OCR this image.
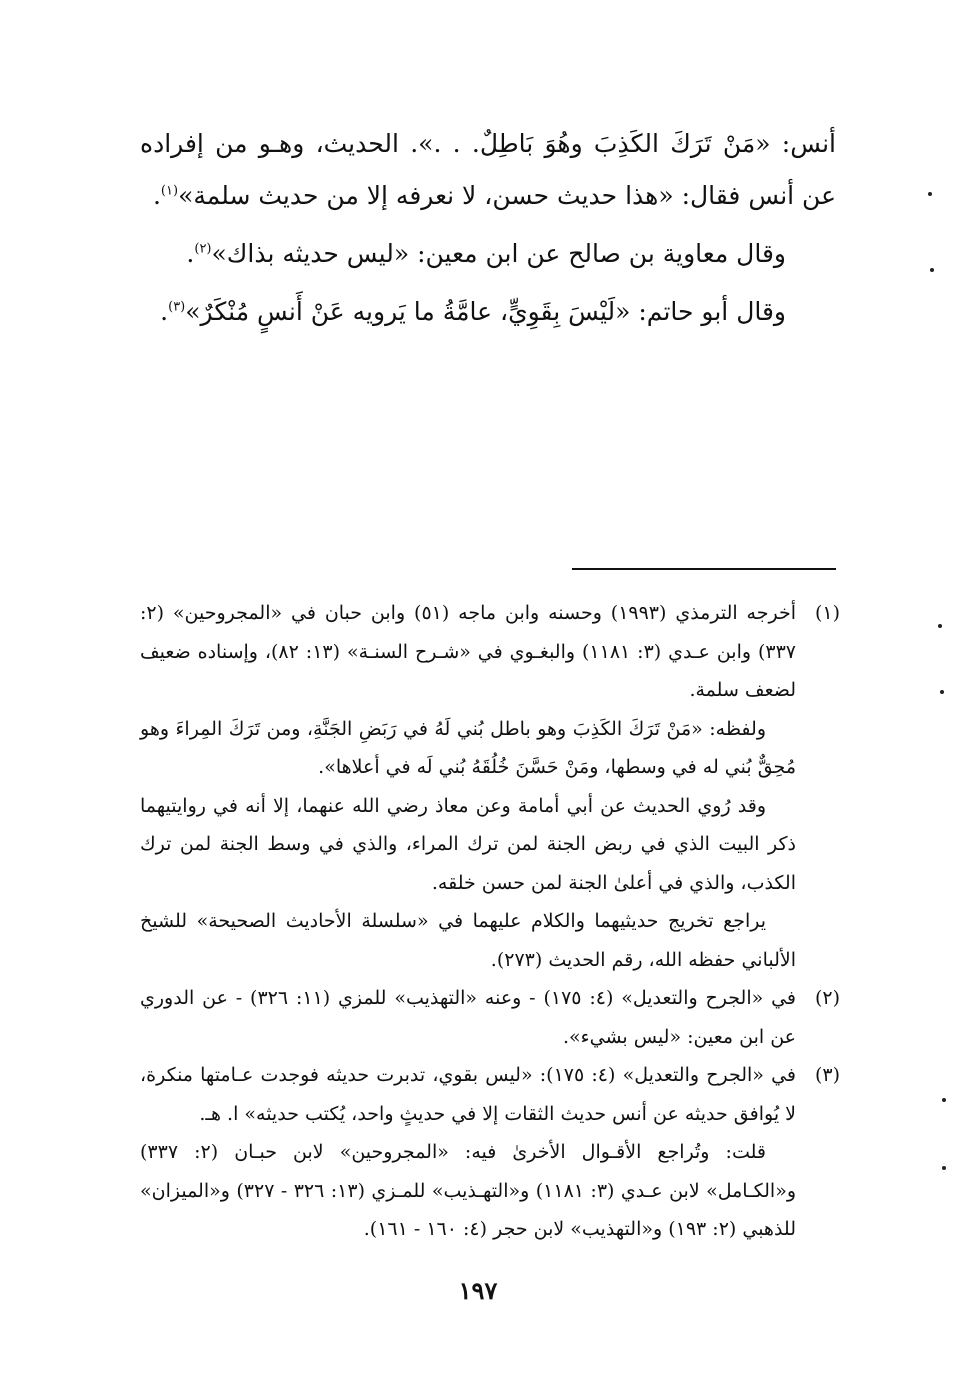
أنس: «مَنْ تَرَكَ الكَذِبَ وهُوَ بَاطِلٌ. . .». الحديث، وهـو من إفراده عن أنس فقال: «هذا حديث حسن، لا نعرفه إلا من حديث سلمة»$^{(١)}$.

وقال معاوية بن صالح عن ابن معين: «ليس حديثه بذاك»$^{(٢)}$.

وقال أبو حاتم: «لَيْسَ بِقَوِيٍّ، عامَّةُ ما يَرويه عَنْ أَنسٍ مُنْكَرٌ»$^{(٣)}$.

(١)

أخرجه الترمذي (١٩٩٣) وحسنه وابن ماجه (٥١) وابن حبان في «المجروحين» (٢: ٣٣٧) وابن عـدي (٣: ١١٨١) والبغـوي في «شـرح السنـة» (١٣: ٨٢)، وإسناده ضعيف لضعف سلمة.

ولفظه: «مَنْ تَرَكَ الكَذِبَ وهو باطل بُني لَهُ في رَبَضِ الجَنَّةِ، ومن تَرَكَ المِراءَ وهو مُحِقٌّ بُني له في وسطها، ومَنْ حَسَّنَ خُلُقَهُ بُني لَه في أعلاها».

وقد رُوي الحديث عن أبي أمامة وعن معاذ رضي الله عنهما، إلا أنه في روايتيهما ذكر البيت الذي في ربض الجنة لمن ترك المراء، والذي في وسط الجنة لمن ترك الكذب، والذي في أعلىٰ الجنة لمن حسن خلقه.

يراجع تخريج حديثيهما والكلام عليهما في «سلسلة الأحاديث الصحيحة» للشيخ الألباني حفظه الله، رقم الحديث (٢٧٣).

(٢)

في «الجرح والتعديل» (٤: ١٧٥) - وعنه «التهذيب» للمزي (١١: ٣٢٦) - عن الدوري عن ابن معين: «ليس بشيء».

(٣)

في «الجرح والتعديل» (٤: ١٧٥): «ليس بقوي، تدبرت حديثه فوجدت عـامتها منكرة، لا يُوافق حديثه عن أنس حديث الثقات إلا في حديثٍ واحد، يُكتب حديثه» ا. هـ.

قلت: وتُراجع الأقـوال الأخرىٰ فيه: «المجروحين» لابن حبـان (٢: ٣٣٧) و«الكـامل» لابن عـدي (٣: ١١٨١) و«التهـذيب» للمـزي (١٣: ٣٢٦ - ٣٢٧) و«الميزان» للذهبي (٢: ١٩٣) و«التهذيب» لابن حجر (٤: ١٦٠ - ١٦١).

١٩٧
